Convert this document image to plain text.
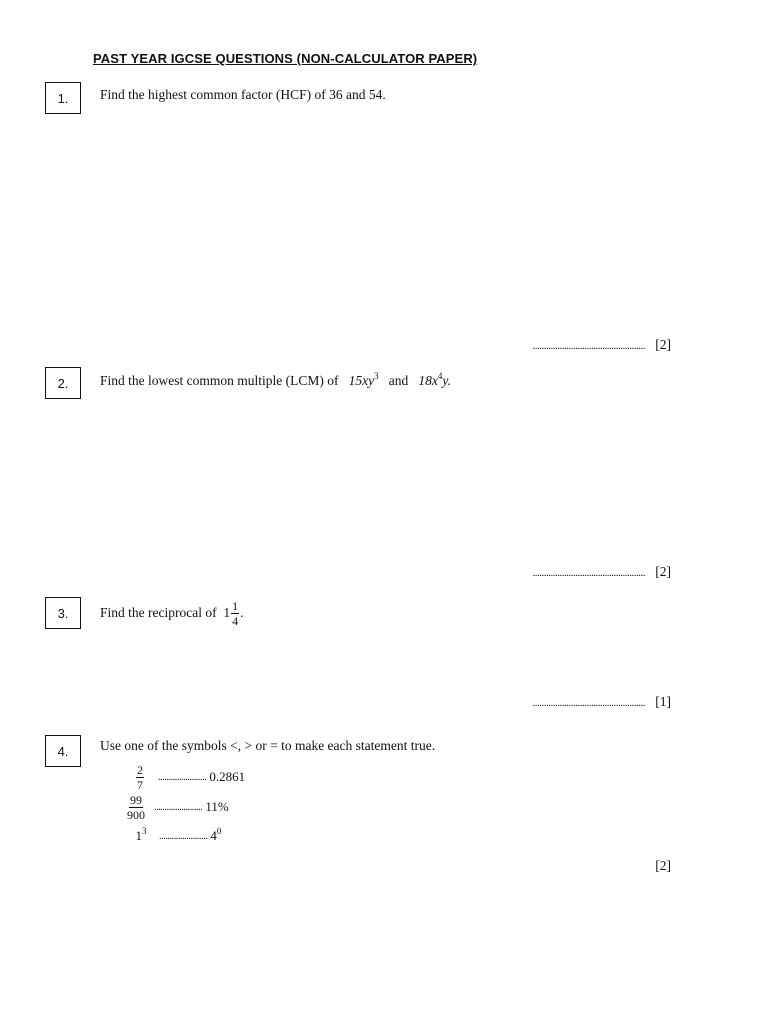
PAST YEAR IGCSE QUESTIONS (NON-CALCULATOR PAPER)
1.	Find the highest common factor (HCF) of 36 and 54.
.................................................. [2]
2.	Find the lowest common multiple (LCM) of $15xy^3$ and $18x^4y$.
.................................................. [2]
3.	Find the reciprocal of
$1 \frac{1}{4}$ .
.................................................. [1]
4.	Use one of the symbols <, > or = to make each statement true.
$\frac{2}{7}$ ....................... 0.2861
$\frac{99}{900}$ ....................... 11%
$1^3$	....................... $4^0$
[2]
